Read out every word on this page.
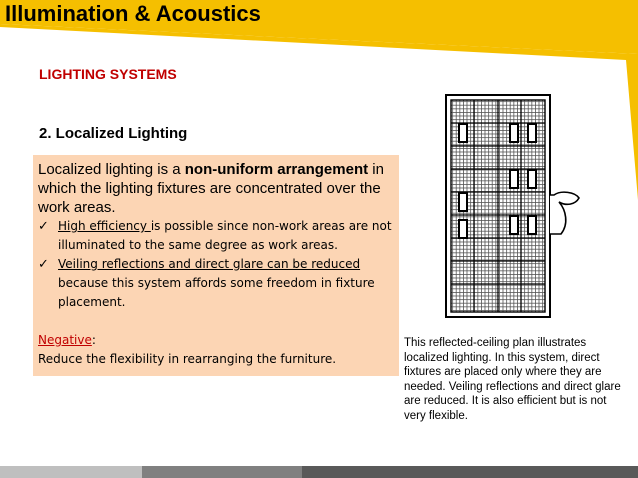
Illumination & Acoustics
LIGHTING SYSTEMS
2. Localized Lighting
Localized lighting is a non-uniform arrangement in which the lighting fixtures are concentrated over the work areas.
✓ High efficiency is possible since non-work areas are not illuminated to the same degree as work areas.
✓ Veiling reflections and direct glare can be reduced because this system affords some freedom in fixture placement.
Negative:
Reduce the flexibility in rearranging the furniture.
This reflected-ceiling plan illustrates localized lighting. In this system, direct fixtures are placed only where they are needed. Veiling reflections and direct glare are reduced. It is also efficient but is not very flexible.
